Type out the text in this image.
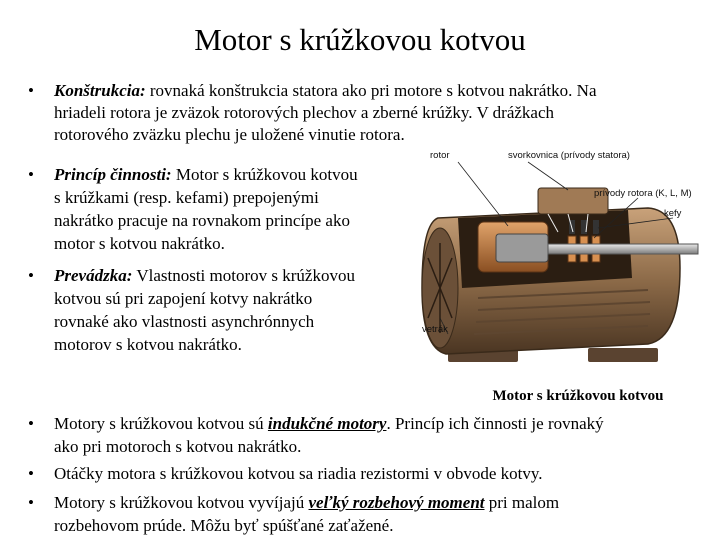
Motor s krúžkovou kotvou
• Konštrukcia: rovnaká konštrukcia statora ako pri motore s kotvou nakrátko. Na
hriadeli rotora je zväzok rotorových plechov a zberné krúžky. V drážkach
rotorového zväzku plechu je uložené vinutie rotora.
• Princíp činnosti: Motor s krúžkovou kotvou
s krúžkami (resp. kefami) prepojenými
nakrátko pracuje na rovnakom princípe ako
motor s kotvou nakrátko.
• Prevádzka: Vlastnosti motorov s krúžkovou
kotvou sú pri zapojení kotvy nakrátko
rovnaké ako vlastnosti asynchrónnych
motorov s kotvou nakrátko.
rotor	svorkovnica (prívody statora)
prívody rotora (K, L, M)
kefy
vetrák
Motor s krúžkovou kotvou
• Motory s krúžkovou kotvou sú indukčné motory. Princíp ich činnosti je rovnaký
ako pri motoroch s kotvou nakrátko.
• Otáčky motora s krúžkovou kotvou sa riadia rezistormi v obvode kotvy.
• Motory s krúžkovou kotvou vyvíjajú veľký rozbehový moment pri malom
rozbehovom prúde. Môžu byť spúšťané zaťažené.
